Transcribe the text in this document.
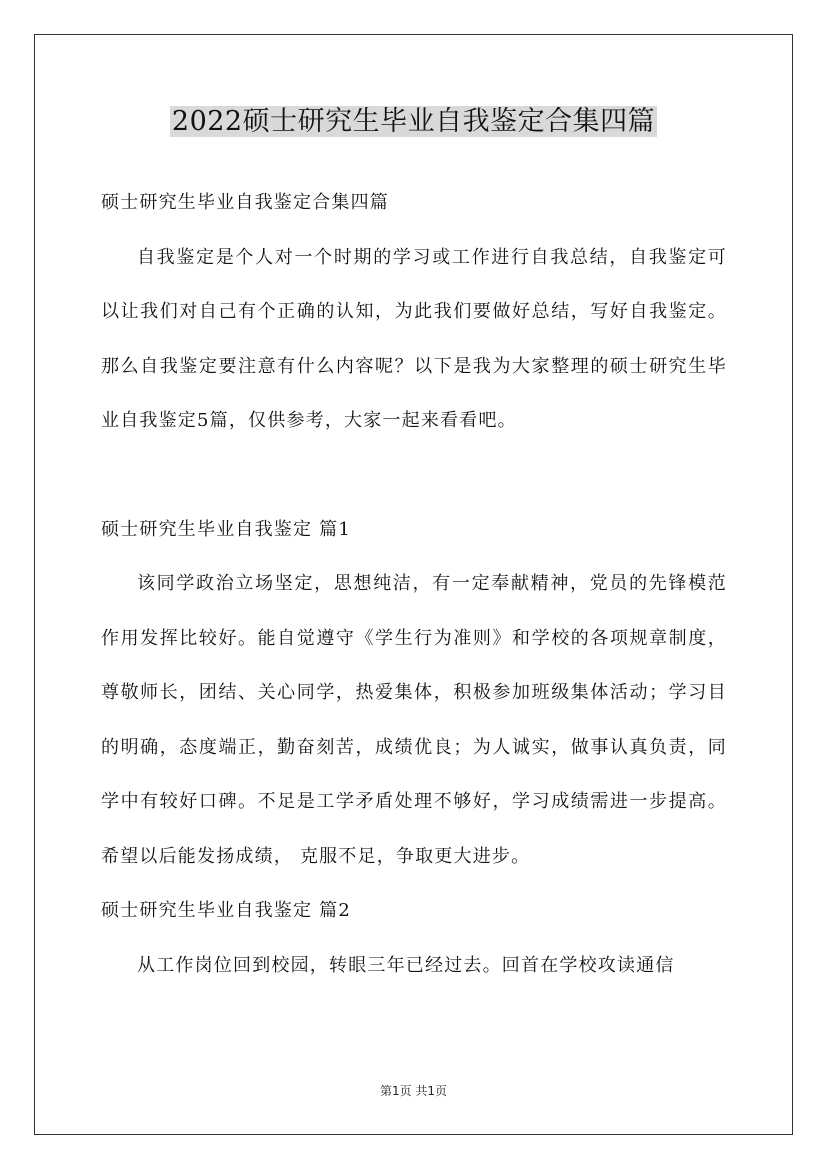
2022硕士研究生毕业自我鉴定合集四篇

硕士研究生毕业自我鉴定合集四篇

自我鉴定是个人对一个时期的学习或工作进行自我总结，自我鉴定可以让我们对自己有个正确的认知，为此我们要做好总结，写好自我鉴定。那么自我鉴定要注意有什么内容呢？以下是我为大家整理的硕士研究生毕业自我鉴定5篇，仅供参考，大家一起来看看吧。

硕士研究生毕业自我鉴定 篇1

该同学政治立场坚定，思想纯洁，有一定奉献精神，党员的先锋模范作用发挥比较好。能自觉遵守《学生行为准则》和学校的各项规章制度，尊敬师长，团结、关心同学，热爱集体，积极参加班级集体活动；学习目的明确，态度端正，勤奋刻苦，成绩优良；为人诚实，做事认真负责，同学中有较好口碑。不足是工学矛盾处理不够好，学习成绩需进一步提高。希望以后能发扬成绩， 克服不足，争取更大进步。

硕士研究生毕业自我鉴定 篇2

从工作岗位回到校园，转眼三年已经过去。回首在学校攻读通信

第1页 共1页
